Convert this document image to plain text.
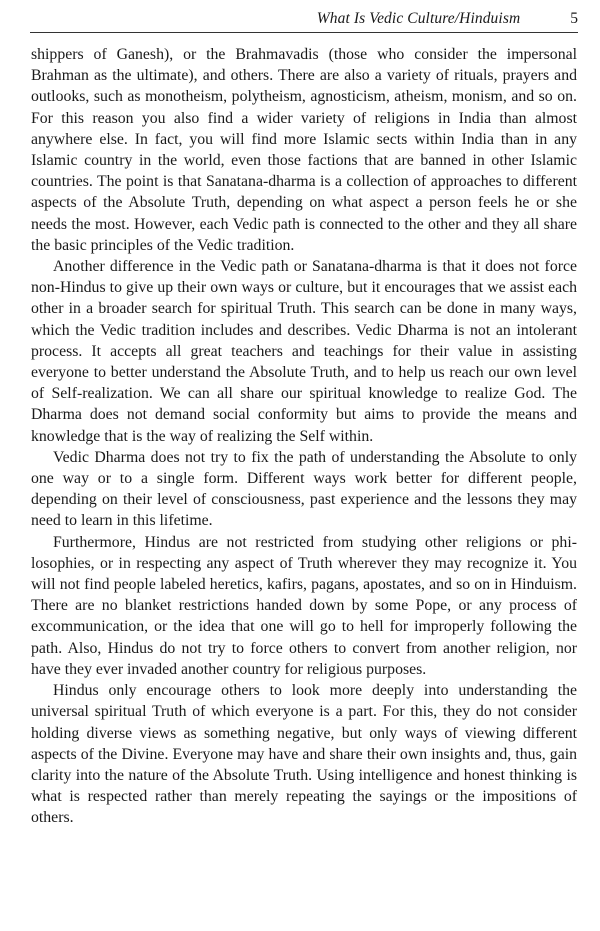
What Is Vedic Culture/Hinduism	5

shippers of Ganesh), or the Brahmavadis (those who consider the impersonal Brahman as the ultimate), and others. There are also a variety of rituals, prayers and outlooks, such as monotheism, polytheism, agnosticism, atheism, monism, and so on. For this reason you also find a wider variety of religions in India than almost anywhere else. In fact, you will find more Islamic sects within India than in any Islamic country in the world, even those factions that are banned in other Islamic countries. The point is that Sanatana-dharma is a collection of approaches to different aspects of the Absolute Truth, depending on what aspect a person feels he or she needs the most. However, each Vedic path is connected to the other and they all share the basic principles of the Vedic tradition.

Another difference in the Vedic path or Sanatana-dharma is that it does not force non-Hindus to give up their own ways or culture, but it encourages that we assist each other in a broader search for spiritual Truth. This search can be done in many ways, which the Vedic tradition includes and describes. Vedic Dharma is not an intolerant process. It accepts all great teachers and teachings for their value in assisting everyone to better understand the Absolute Truth, and to help us reach our own level of Self-realization. We can all share our spiritual knowledge to realize God. The Dharma does not demand social conformity but aims to provide the means and knowledge that is the way of realizing the Self within.

Vedic Dharma does not try to fix the path of understanding the Absolute to only one way or to a single form. Different ways work better for different people, depending on their level of consciousness, past experience and the lessons they may need to learn in this lifetime.

Furthermore, Hindus are not restricted from studying other religions or philosophies, or in respecting any aspect of Truth wherever they may recognize it. You will not find people labeled heretics, kafirs, pagans, apostates, and so on in Hinduism. There are no blanket restrictions handed down by some Pope, or any process of excommunication, or the idea that one will go to hell for improperly following the path. Also, Hindus do not try to force others to convert from another religion, nor have they ever invaded another country for religious purposes.

Hindus only encourage others to look more deeply into understanding the universal spiritual Truth of which everyone is a part. For this, they do not consider holding diverse views as something negative, but only ways of viewing different aspects of the Divine. Everyone may have and share their own insights and, thus, gain clarity into the nature of the Absolute Truth. Using intelligence and honest thinking is what is respected rather than merely repeating the sayings or the impositions of others.
